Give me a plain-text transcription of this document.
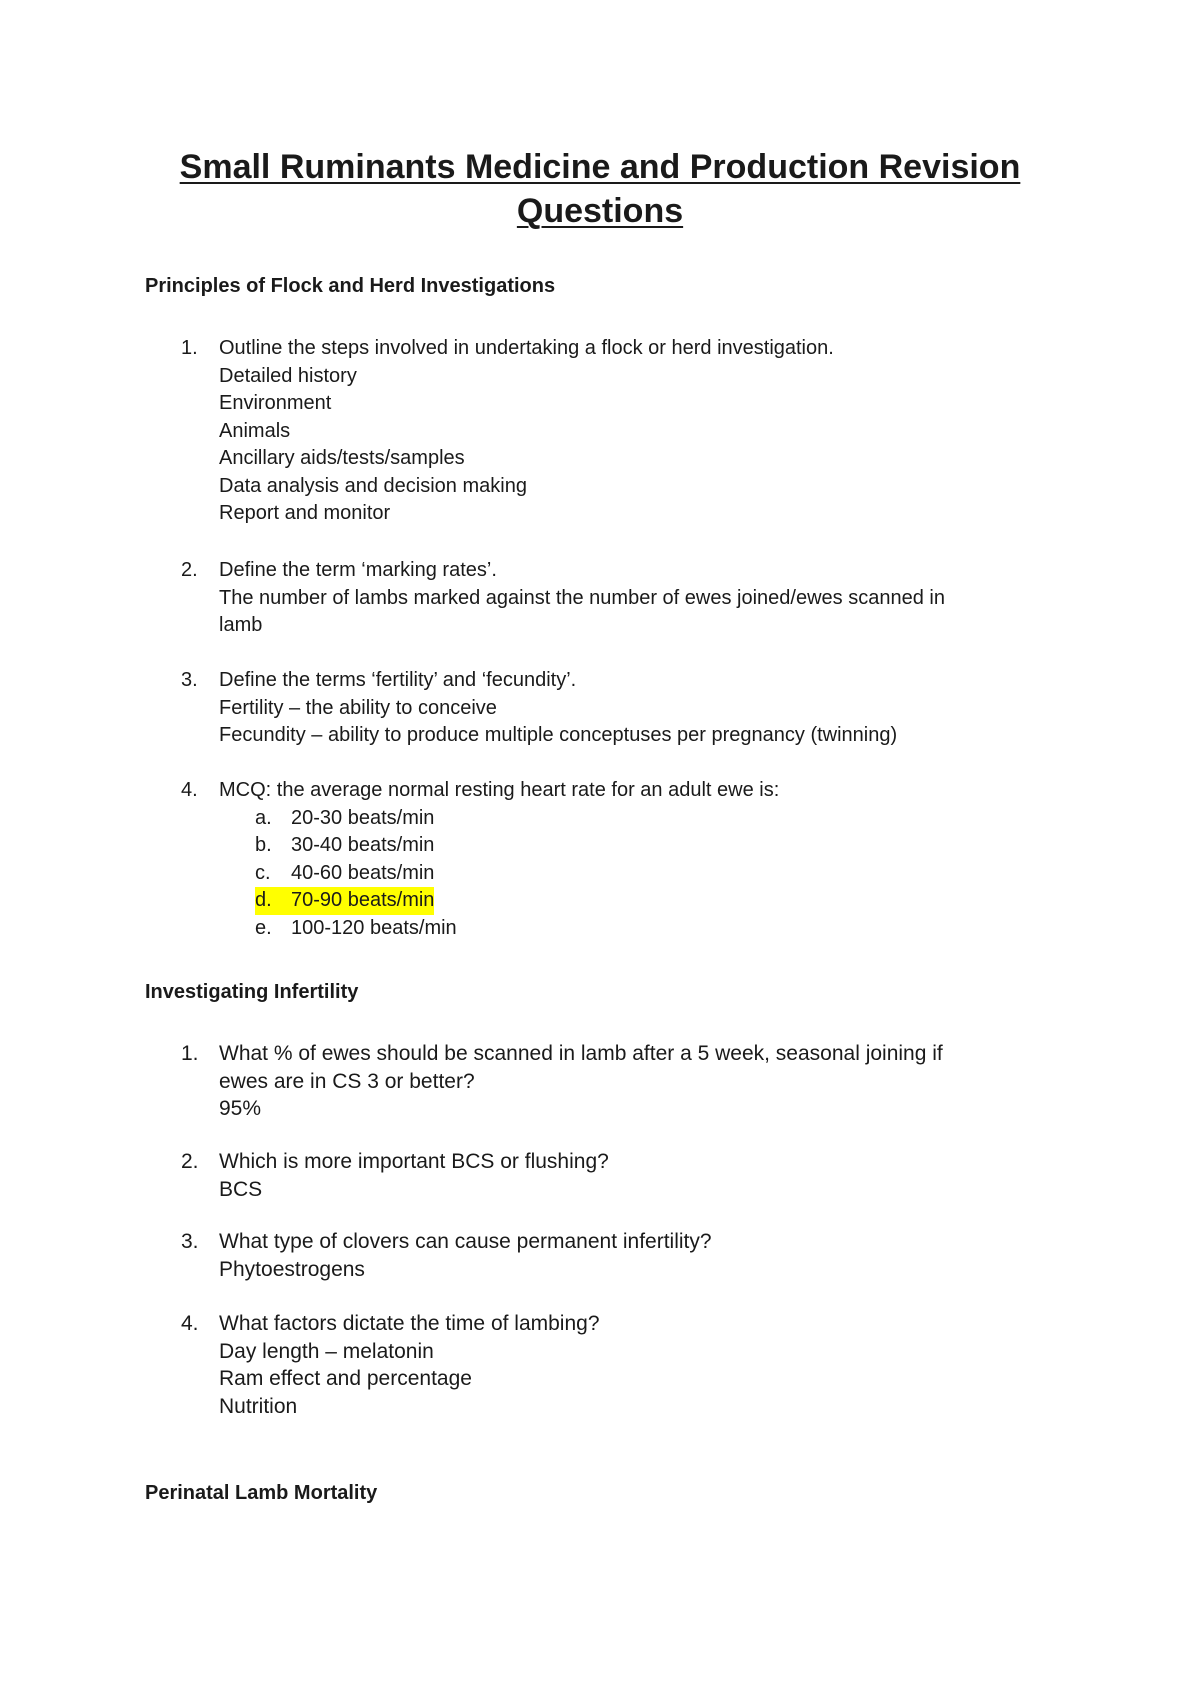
Small Ruminants Medicine and Production Revision
Questions
Principles of Flock and Herd Investigations
1.	Outline the steps involved in undertaking a flock or herd investigation.
Detailed history
Environment
Animals
Ancillary aids/tests/samples
Data analysis and decision making
Report and monitor
2.	Define the term ‘marking rates’.
The number of lambs marked against the number of ewes joined/ewes scanned in
lamb
3.	Define the terms ‘fertility’ and ‘fecundity’.
Fertility – the ability to conceive
Fecundity – ability to produce multiple conceptuses per pregnancy (twinning)
4.	MCQ: the average normal resting heart rate for an adult ewe is:
a. 20-30 beats/min
b. 30-40 beats/min
c. 40-60 beats/min
d. 70-90 beats/min
e. 100-120 beats/min
Investigating Infertility
1. What % of ewes should be scanned in lamb after a 5 week, seasonal joining if
ewes are in CS 3 or better?
95%
2. Which is more important BCS or flushing?
BCS
3. What type of clovers can cause permanent infertility?
Phytoestrogens
4. What factors dictate the time of lambing?
Day length – melatonin
Ram effect and percentage
Nutrition
Perinatal Lamb Mortality
